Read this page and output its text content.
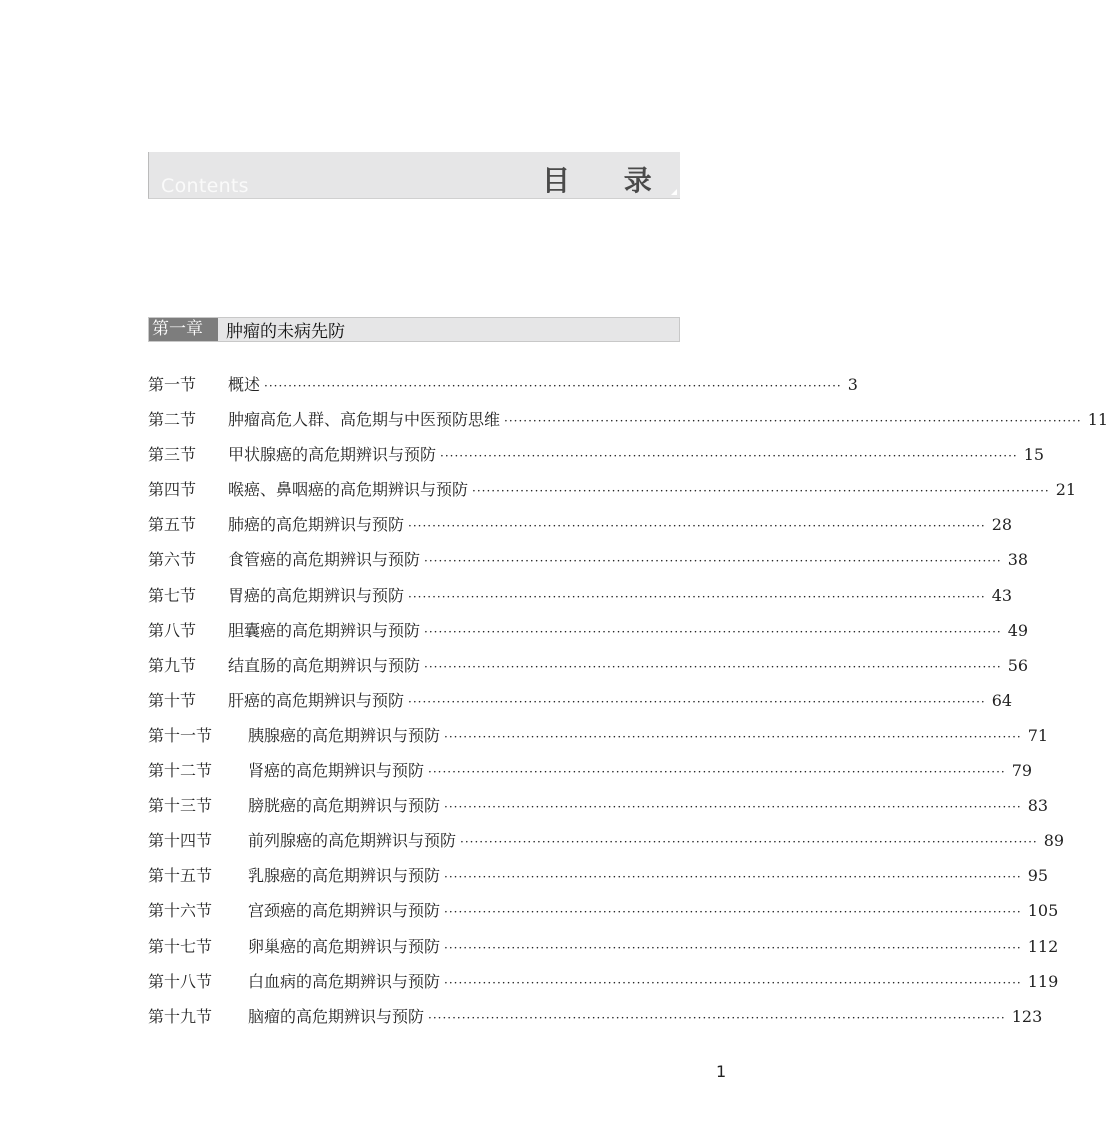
Contents	目 录
第一章	肿瘤的未病先防
第一节	概述 ························································································································ 3
第二节	肿瘤高危人群、高危期与中医预防思维 ························································································································ 11
第三节	甲状腺癌的高危期辨识与预防 ························································································································ 15
第四节	喉癌、鼻咽癌的高危期辨识与预防 ························································································································ 21
第五节	肺癌的高危期辨识与预防 ························································································································ 28
第六节	食管癌的高危期辨识与预防 ························································································································ 38
第七节	胃癌的高危期辨识与预防 ························································································································ 43
第八节	胆囊癌的高危期辨识与预防 ························································································································ 49
第九节	结直肠的高危期辨识与预防 ························································································································ 56
第十节	肝癌的高危期辨识与预防 ························································································································ 64
第十一节	胰腺癌的高危期辨识与预防 ························································································································ 71
第十二节	肾癌的高危期辨识与预防 ························································································································ 79
第十三节	膀胱癌的高危期辨识与预防 ························································································································ 83
第十四节	前列腺癌的高危期辨识与预防 ························································································································ 89
第十五节	乳腺癌的高危期辨识与预防 ························································································································ 95
第十六节	宫颈癌的高危期辨识与预防 ························································································································ 105
第十七节	卵巢癌的高危期辨识与预防 ························································································································ 112
第十八节	白血病的高危期辨识与预防 ························································································································ 119
第十九节	脑瘤的高危期辨识与预防 ························································································································ 123
1
